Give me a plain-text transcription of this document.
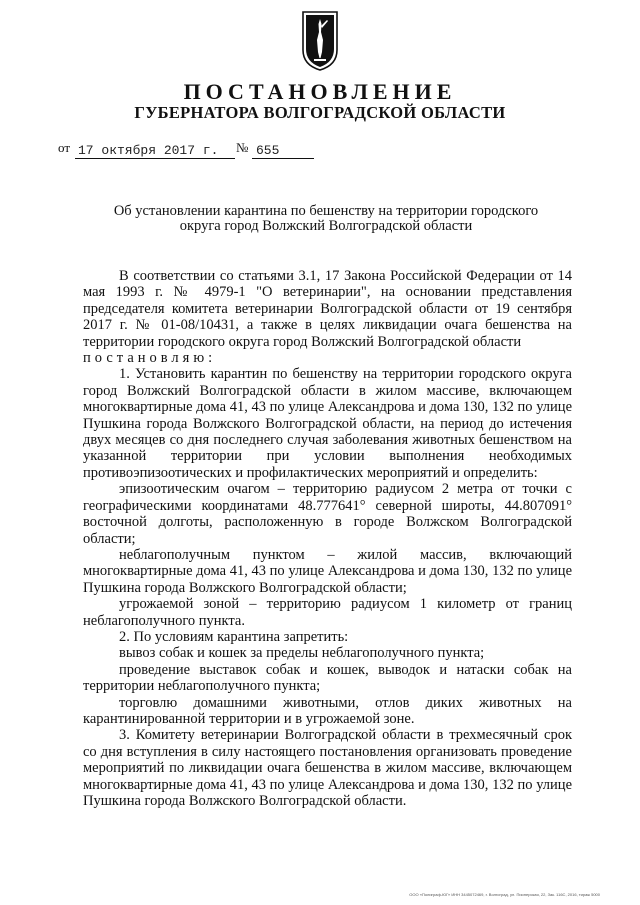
ПОСТАНОВЛЕНИЕ
ГУБЕРНАТОРА ВОЛГОГРАДСКОЙ ОБЛАСТИ
от 17 октября 2017 г. № 655
Об установлении карантина по бешенству на территории городского округа город Волжский Волгоградской области

В соответствии со статьями 3.1, 17 Закона Российской Федерации от 14 мая 1993 г. № 4979-1 "О ветеринарии", на основании представления председателя комитета ветеринарии Волгоградской области от 19 сентября 2017 г. № 01-08/10431, а также в целях ликвидации очага бешенства на территории городского округа город Волжский Волгоградской области

постановляю:

1. Установить карантин по бешенству на территории городского округа город Волжский Волгоградской области в жилом массиве, включающем многоквартирные дома 41, 43 по улице Александрова и дома 130, 132 по улице Пушкина города Волжского Волгоградской области, на период до истечения двух месяцев со дня последнего случая заболевания животных бешенством на указанной территории при условии выполнения необходимых противоэпизоотических и профилактических мероприятий и определить:

эпизоотическим очагом – территорию радиусом 2 метра от точки с географическими координатами 48.777641° северной широты, 44.807091° восточной долготы, расположенную в городе Волжском Волгоградской области;

неблагополучным пунктом – жилой массив, включающий многоквартирные дома 41, 43 по улице Александрова и дома 130, 132 по улице Пушкина города Волжского Волгоградской области;

угрожаемой зоной – территорию радиусом 1 километр от границ неблагополучного пункта.

2. По условиям карантина запретить:

вывоз собак и кошек за пределы неблагополучного пункта;

проведение выставок собак и кошек, выводок и натаски собак на территории неблагополучного пункта;

торговлю домашними животными, отлов диких животных на карантинированной территории и в угрожаемой зоне.

3. Комитету ветеринарии Волгоградской области в трехмесячный срок со дня вступления в силу настоящего постановления организовать проведение мероприятий по ликвидации очага бешенства в жилом массиве, включающем многоквартирные дома 41, 43 по улице Александрова и дома 130, 132 по улице Пушкина города Волжского Волгоградской области.

ООО «Полиграф-ЮГ» ИНН 3445072469, г. Волгоград, ул. Пионерская, 22, Зак. 116С, 2016, тираж 5000
